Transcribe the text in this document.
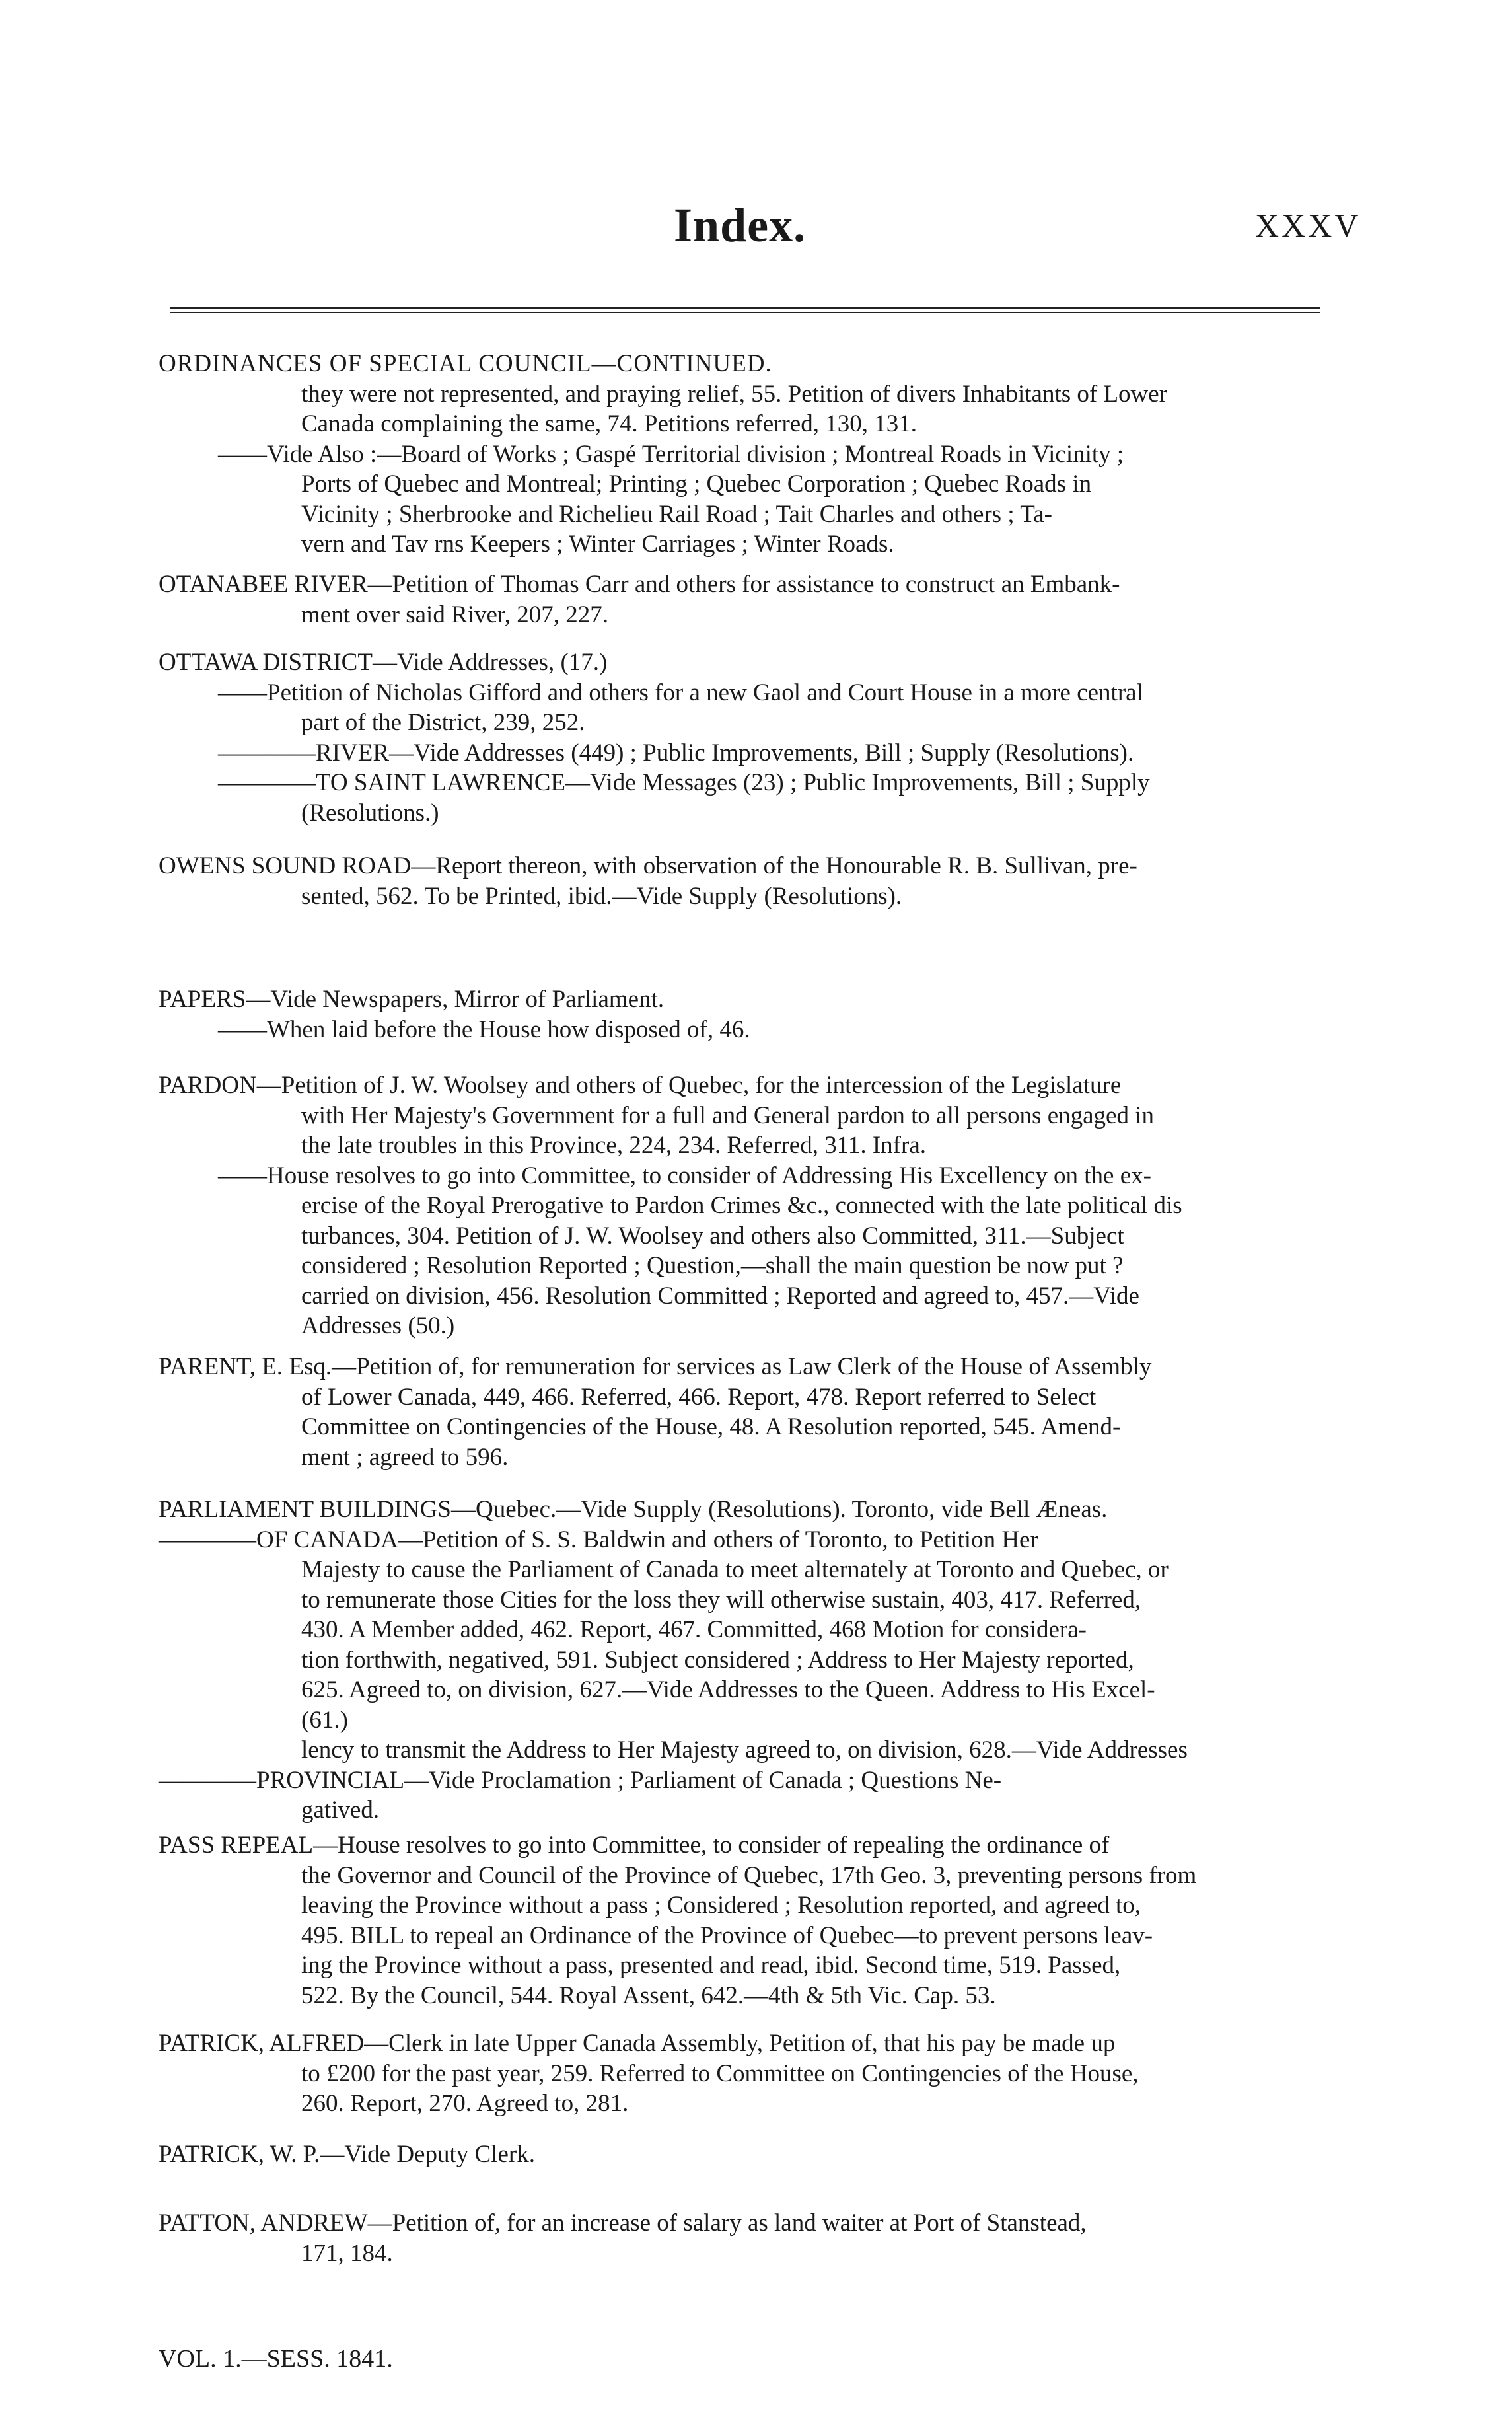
Index.	XXXV
ORDINANCES OF SPECIAL COUNCIL—CONTINUED.
they were not represented, and praying relief, 55. Petition of divers Inhabitants of Lower
Canada complaining the same, 74. Petitions referred, 130, 131.
——Vide Also :—Board of Works ; Gaspé Territorial division ; Montreal Roads in Vicinity ;
Ports of Quebec and Montreal; Printing ; Quebec Corporation ; Quebec Roads in
Vicinity ; Sherbrooke and Richelieu Rail Road ; Tait Charles and others ; Ta-
vern and Tav rns Keepers ; Winter Carriages ; Winter Roads.
OTANABEE RIVER—Petition of Thomas Carr and others for assistance to construct an Embank-
ment over said River, 207, 227.
OTTAWA DISTRICT—Vide Addresses, (17.)
——Petition of Nicholas Gifford and others for a new Gaol and Court House in a more central
part of the District, 239, 252.
————RIVER—Vide Addresses (449) ; Public Improvements, Bill ; Supply (Resolutions).
————TO SAINT LAWRENCE—Vide Messages (23) ; Public Improvements, Bill ; Supply
(Resolutions.)
OWENS SOUND ROAD—Report thereon, with observation of the Honourable R. B. Sullivan, pre-
sented, 562. To be Printed, ibid.—Vide Supply (Resolutions).
PAPERS—Vide Newspapers, Mirror of Parliament.
——When laid before the House how disposed of, 46.
PARDON—Petition of J. W. Woolsey and others of Quebec, for the intercession of the Legislature
with Her Majesty's Government for a full and General pardon to all persons engaged in
the late troubles in this Province, 224, 234. Referred, 311. Infra.
——House resolves to go into Committee, to consider of Addressing His Excellency on the ex-
ercise of the Royal Prerogative to Pardon Crimes &c., connected with the late political dis
turbances, 304. Petition of J. W. Woolsey and others also Committed, 311.—Subject
considered ; Resolution Reported ; Question,—shall the main question be now put ?
carried on division, 456. Resolution Committed ; Reported and agreed to, 457.—Vide
Addresses (50.)
PARENT, E. Esq.—Petition of, for remuneration for services as Law Clerk of the House of Assembly
of Lower Canada, 449, 466. Referred, 466. Report, 478. Report referred to Select
Committee on Contingencies of the House, 48. A Resolution reported, 545. Amend-
ment ; agreed to 596.
PARLIAMENT BUILDINGS—Quebec.—Vide Supply (Resolutions). Toronto, vide Bell Æneas.
————OF CANADA—Petition of S. S. Baldwin and others of Toronto, to Petition Her
Majesty to cause the Parliament of Canada to meet alternately at Toronto and Quebec, or
to remunerate those Cities for the loss they will otherwise sustain, 403, 417. Referred,
430. A Member added, 462. Report, 467. Committed, 468 Motion for considera-
tion forthwith, negatived, 591. Subject considered ; Address to Her Majesty reported,
625. Agreed to, on division, 627.—Vide Addresses to the Queen. Address to His Excel-
(61.)
lency to transmit the Address to Her Majesty agreed to, on division, 628.—Vide Addresses
————PROVINCIAL—Vide Proclamation ; Parliament of Canada ; Questions Ne-
gatived.
PASS REPEAL—House resolves to go into Committee, to consider of repealing the ordinance of
the Governor and Council of the Province of Quebec, 17th Geo. 3, preventing persons from
leaving the Province without a pass ; Considered ; Resolution reported, and agreed to,
495. BILL to repeal an Ordinance of the Province of Quebec—to prevent persons leav-
ing the Province without a pass, presented and read, ibid. Second time, 519. Passed,
522. By the Council, 544. Royal Assent, 642.—4th & 5th Vic. Cap. 53.
PATRICK, ALFRED—Clerk in late Upper Canada Assembly, Petition of, that his pay be made up
to £200 for the past year, 259. Referred to Committee on Contingencies of the House,
260. Report, 270. Agreed to, 281.
PATRICK, W. P.—Vide Deputy Clerk.
PATTON, ANDREW—Petition of, for an increase of salary as land waiter at Port of Stanstead,
171, 184.
VOL. 1.—SESS. 1841.
